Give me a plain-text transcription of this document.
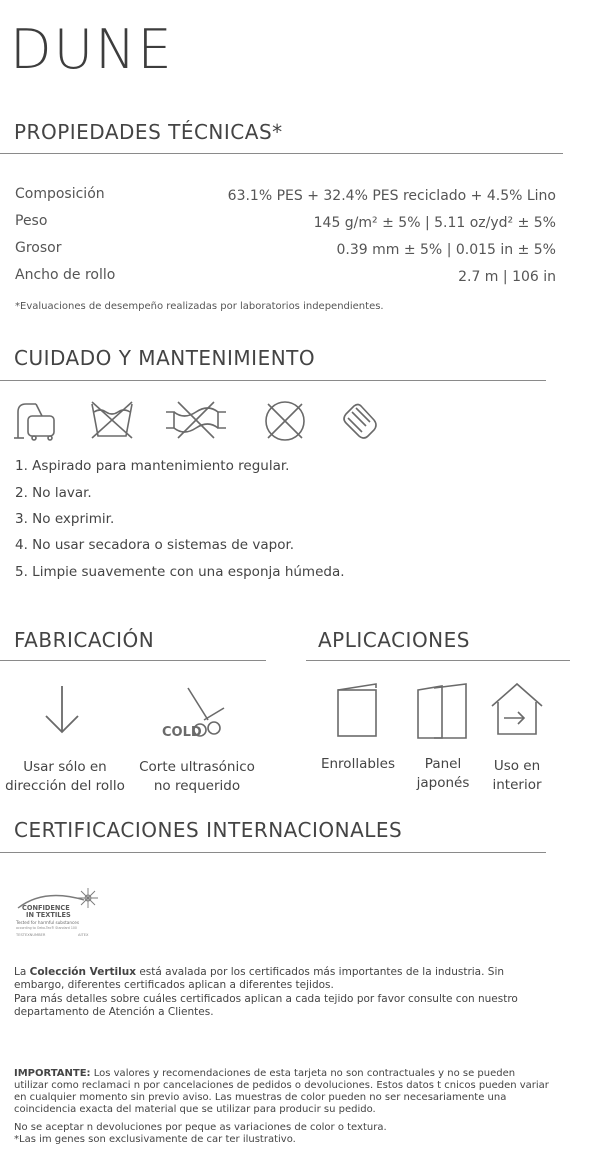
DUNE
PROPIEDADES TÉCNICAS*
Composición	63.1% PES + 32.4% PES reciclado + 4.5% Lino
Peso	145 g/m² ± 5% | 5.11 oz/yd² ± 5%
Grosor	0.39 mm ± 5% | 0.015 in ± 5%
Ancho de rollo	2.7 m | 106 in
*Evaluaciones de desempeño realizadas por laboratorios independientes.
CUIDADO Y MANTENIMIENTO
1. Aspirado para mantenimiento regular.
2. No lavar.
3. No exprimir.
4. No usar secadora o sistemas de vapor.
5. Limpie suavemente con una esponja húmeda.
FABRICACIÓN
COLD
Usar sólo en
dirección del rollo
Corte ultrasónico
no requerido
APLICACIONES
Enrollables	Panel
japonés
Uso en
interior
CERTIFICACIONES INTERNACIONALES
CONFIDENCE
IN TEXTILES
Tested for harmful substances
according to Oeko-Tex® Standard 100
TESTEXNUMBER	AITEX
La Colección Vertilux está avalada por los certificados más importantes de la industria. Sin embargo, diferentes certificados aplican a diferentes tejidos.
Para más detalles sobre cuáles certificados aplican a cada tejido por favor consulte con nuestro departamento de Atención a Clientes.
IMPORTANTE: Los valores y recomendaciones de esta tarjeta no son contractuales y no se pueden utilizar como reclamaci n por cancelaciones de pedidos o devoluciones. Estos datos t cnicos pueden variar en cualquier momento sin previo aviso. Las muestras de color pueden no ser necesariamente una coincidencia exacta del material que se utilizar para producir su pedido.
No se aceptar n devoluciones por peque as variaciones de color o textura.
*Las im genes son exclusivamente de car ter ilustrativo.
